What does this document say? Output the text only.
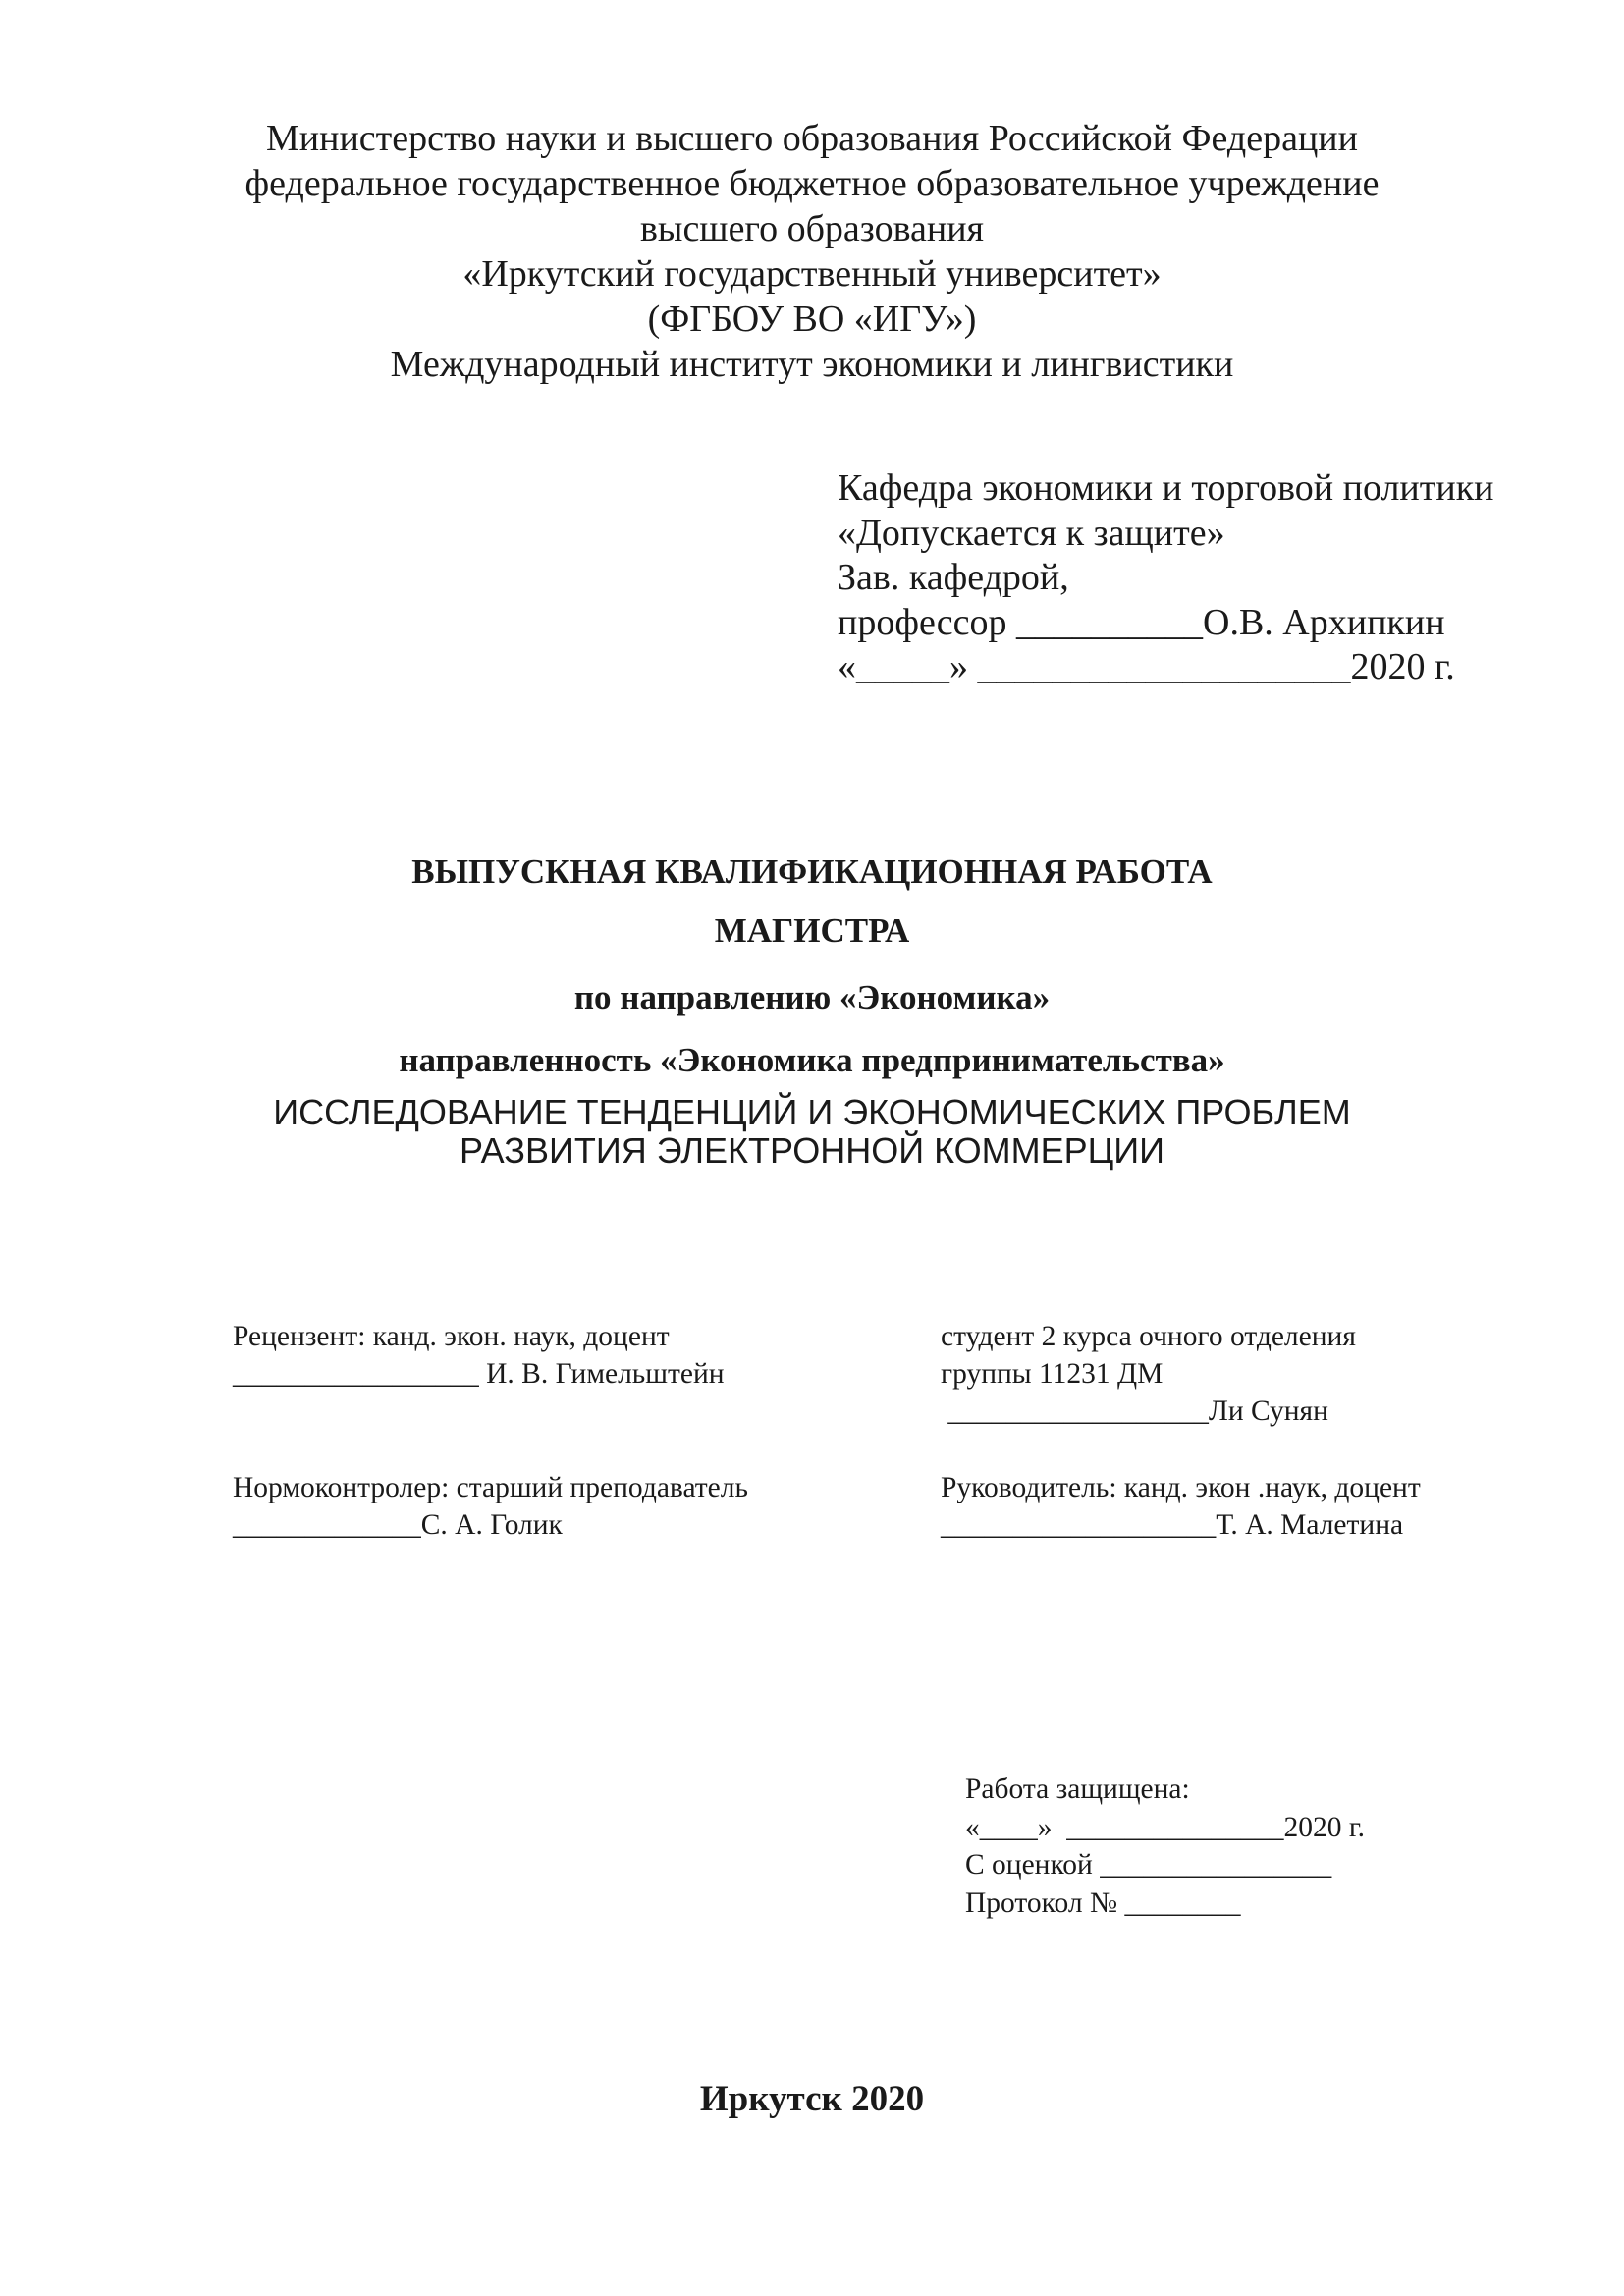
Министерство науки и высшего образования Российской Федерации
федеральное государственное бюджетное образовательное учреждение
высшего образования
«Иркутский государственный университет»
(ФГБОУ ВО «ИГУ»)
Международный институт экономики и лингвистики
Кафедра экономики и торговой политики
«Допускается к защите»
Зав. кафедрой,
профессор __________О.В. Архипкин
«_____» ____________________2020 г.
ВЫПУСКНАЯ КВАЛИФИКАЦИОННАЯ РАБОТА
МАГИСТРА
по направлению «Экономика»
направленность «Экономика предпринимательства»
ИССЛЕДОВАНИЕ ТЕНДЕНЦИЙ И ЭКОНОМИЧЕСКИХ ПРОБЛЕМ
РАЗВИТИЯ ЭЛЕКТРОННОЙ КОММЕРЦИИ
Рецензент: канд. экон. наук, доцент
_________________ И. В. Гимельштейн
студент 2 курса очного отделения
группы 11231 ДМ
__________________Ли Сунян
Нормоконтролер: старший преподаватель
_____________С. А. Голик
Руководитель: канд. экон .наук, доцент
___________________Т. А. Малетина
Работа защищена:
«____»  _______________2020 г.
С оценкой ________________
Протокол № ________
Иркутск 2020
